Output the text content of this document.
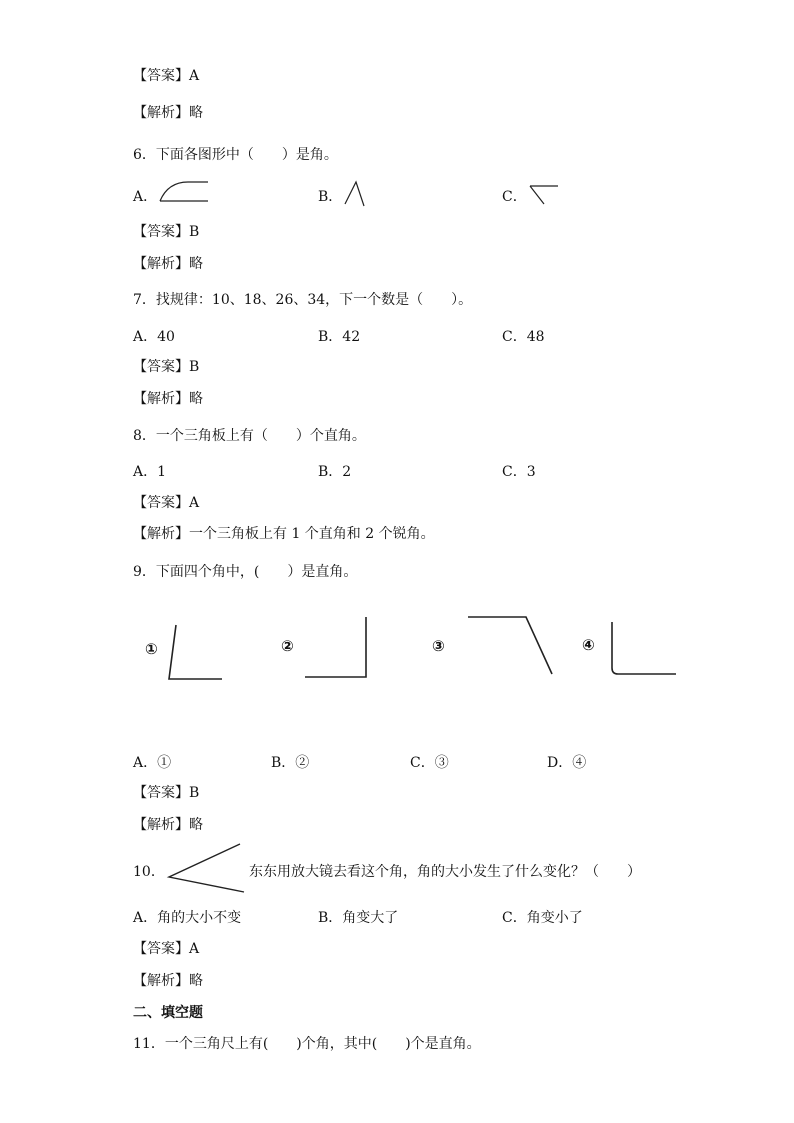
【答案】A
【解析】略
6．下面各图形中（　　）是角。
A．	B．	C．
【答案】B
【解析】略
7．找规律：10、18、26、34，下一个数是（　　）。
A．40	B．42	C．48
【答案】B
【解析】略
8．一个三角板上有（　　）个直角。
A．1	B．2	C．3
【答案】A
【解析】一个三角板上有 1 个直角和 2 个锐角。
9．下面四个角中，(　　）是直角。
①	②	③	④
A．①	B．②	C．③	D．④
【答案】B
【解析】略
10．	东东用放大镜去看这个角，角的大小发生了什么变化？（　　）
A．角的大小不变	B．角变大了	C．角变小了
【答案】A
【解析】略
二、填空题
11．一个三角尺上有(　　)个角，其中(　　)个是直角。
